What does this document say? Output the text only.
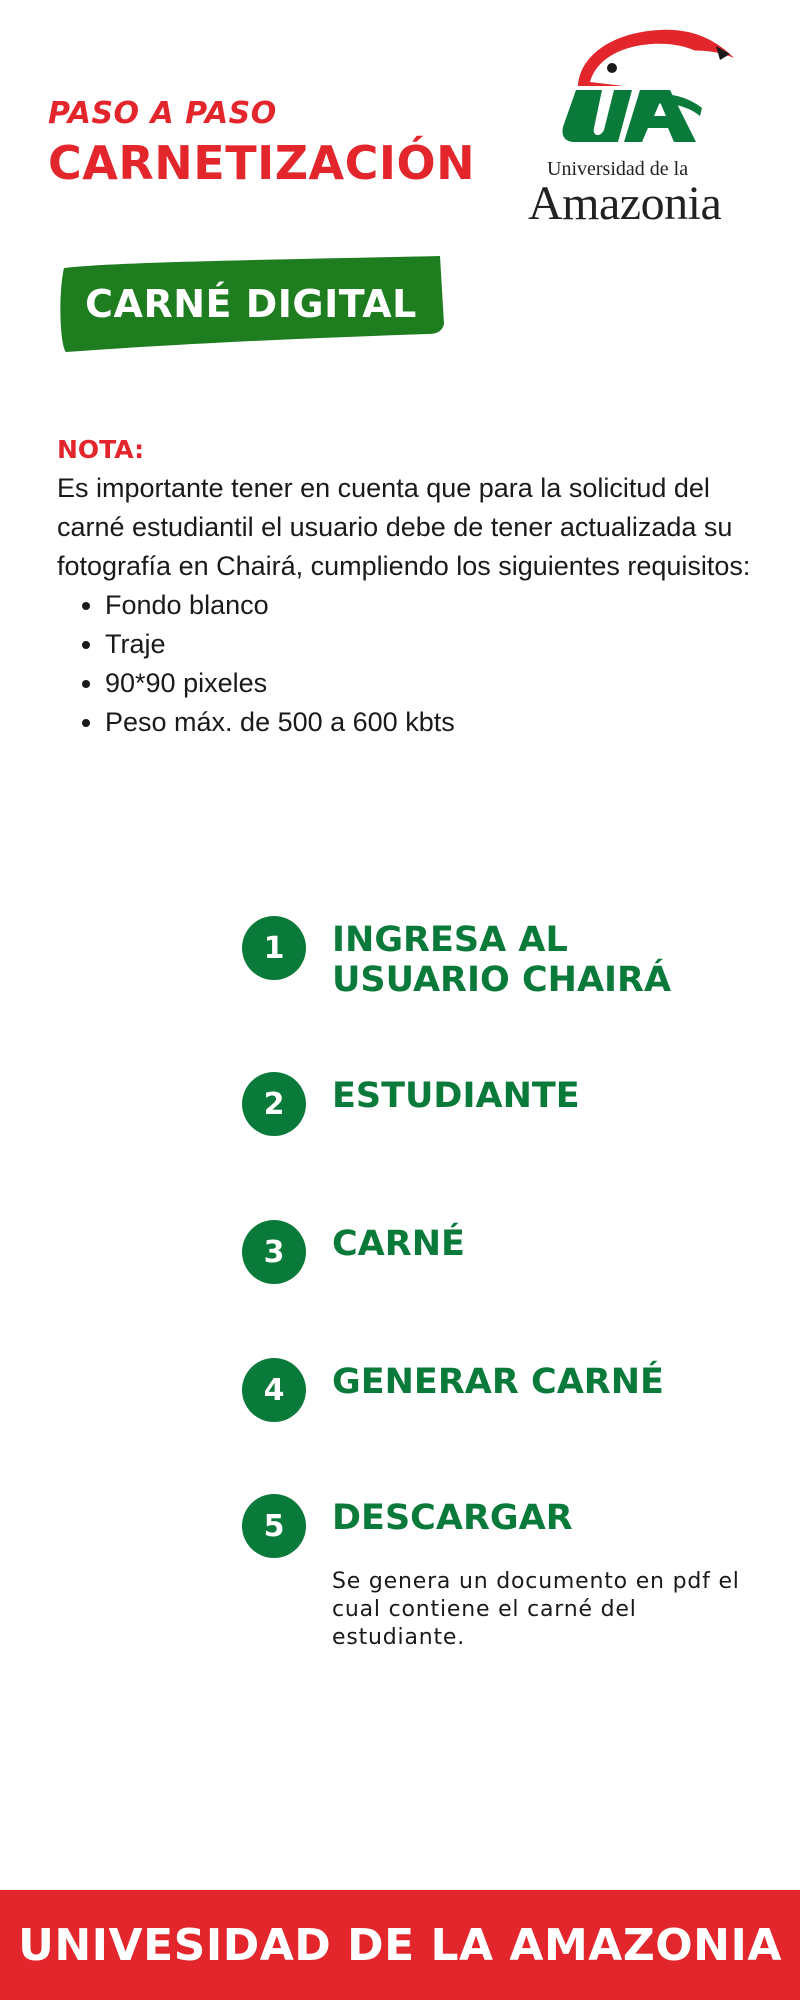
PASO A PASO
CARNETIZACIÓN	Universidad de la
Amazonia
CARNÉ DIGITAL
NOTA:
Es importante tener en cuenta que para la solicitud del carné estudiantil el usuario debe de tener actualizada su fotografía en Chairá, cumpliendo los siguientes requisitos:
• Fondo blanco
• Traje
• 90*90 pixeles
• Peso máx. de 500 a 600 kbts
1	INGRESA AL USUARIO CHAIRÁ
2	ESTUDIANTE
3	CARNÉ
4	GENERAR CARNÉ
5	DESCARGAR
Se genera un documento en pdf el cual contiene el carné del estudiante.
UNIVESIDAD DE LA AMAZONIA
